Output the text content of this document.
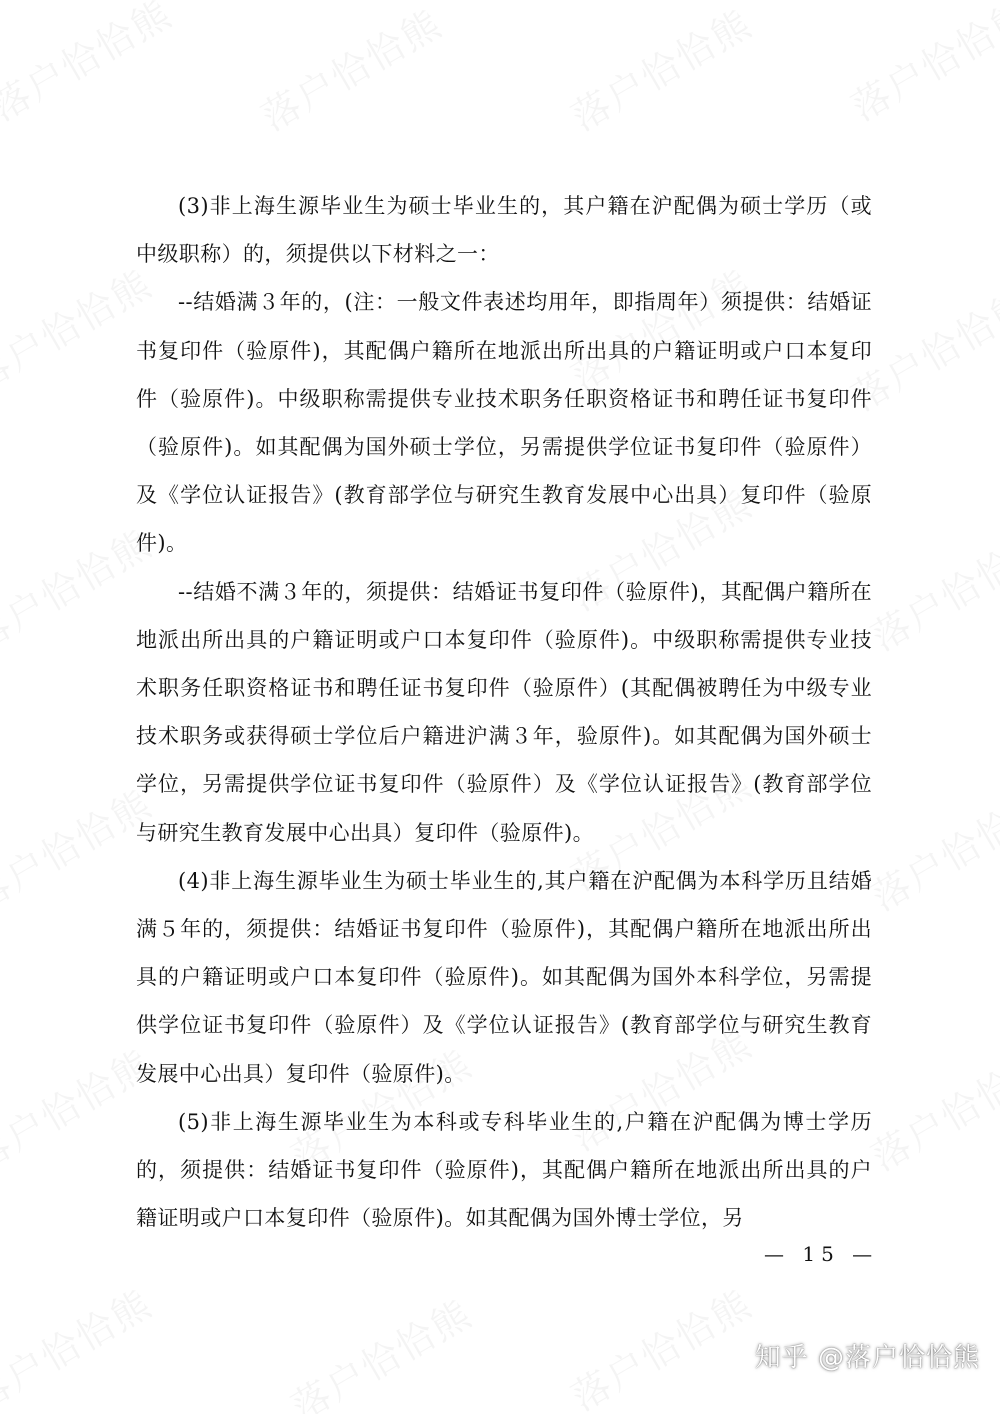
(3)非上海生源毕业生为硕士毕业生的，其户籍在沪配偶为硕士学历（或中级职称）的，须提供以下材料之一：

--结婚满３年的，(注：一般文件表述均用年，即指周年）须提供：结婚证书复印件（验原件)，其配偶户籍所在地派出所出具的户籍证明或户口本复印件（验原件)。中级职称需提供专业技术职务任职资格证书和聘任证书复印件（验原件)。如其配偶为国外硕士学位，另需提供学位证书复印件（验原件）及《学位认证报告》(教育部学位与研究生教育发展中心出具）复印件（验原件)。

--结婚不满３年的，须提供：结婚证书复印件（验原件)，其配偶户籍所在地派出所出具的户籍证明或户口本复印件（验原件)。中级职称需提供专业技术职务任职资格证书和聘任证书复印件（验原件）(其配偶被聘任为中级专业技术职务或获得硕士学位后户籍进沪满３年，验原件)。如其配偶为国外硕士学位，另需提供学位证书复印件（验原件）及《学位认证报告》(教育部学位与研究生教育发展中心出具）复印件（验原件)。

(4)非上海生源毕业生为硕士毕业生的,其户籍在沪配偶为本科学历且结婚满５年的，须提供：结婚证书复印件（验原件)，其配偶户籍所在地派出所出具的户籍证明或户口本复印件（验原件)。如其配偶为国外本科学位，另需提供学位证书复印件（验原件）及《学位认证报告》(教育部学位与研究生教育发展中心出具）复印件（验原件)。

(5)非上海生源毕业生为本科或专科毕业生的,户籍在沪配偶为博士学历的，须提供：结婚证书复印件（验原件)，其配偶户籍所在地派出所出具的户籍证明或户口本复印件（验原件)。如其配偶为国外博士学位，另

— 15 —
知乎 @落户恰恰熊
